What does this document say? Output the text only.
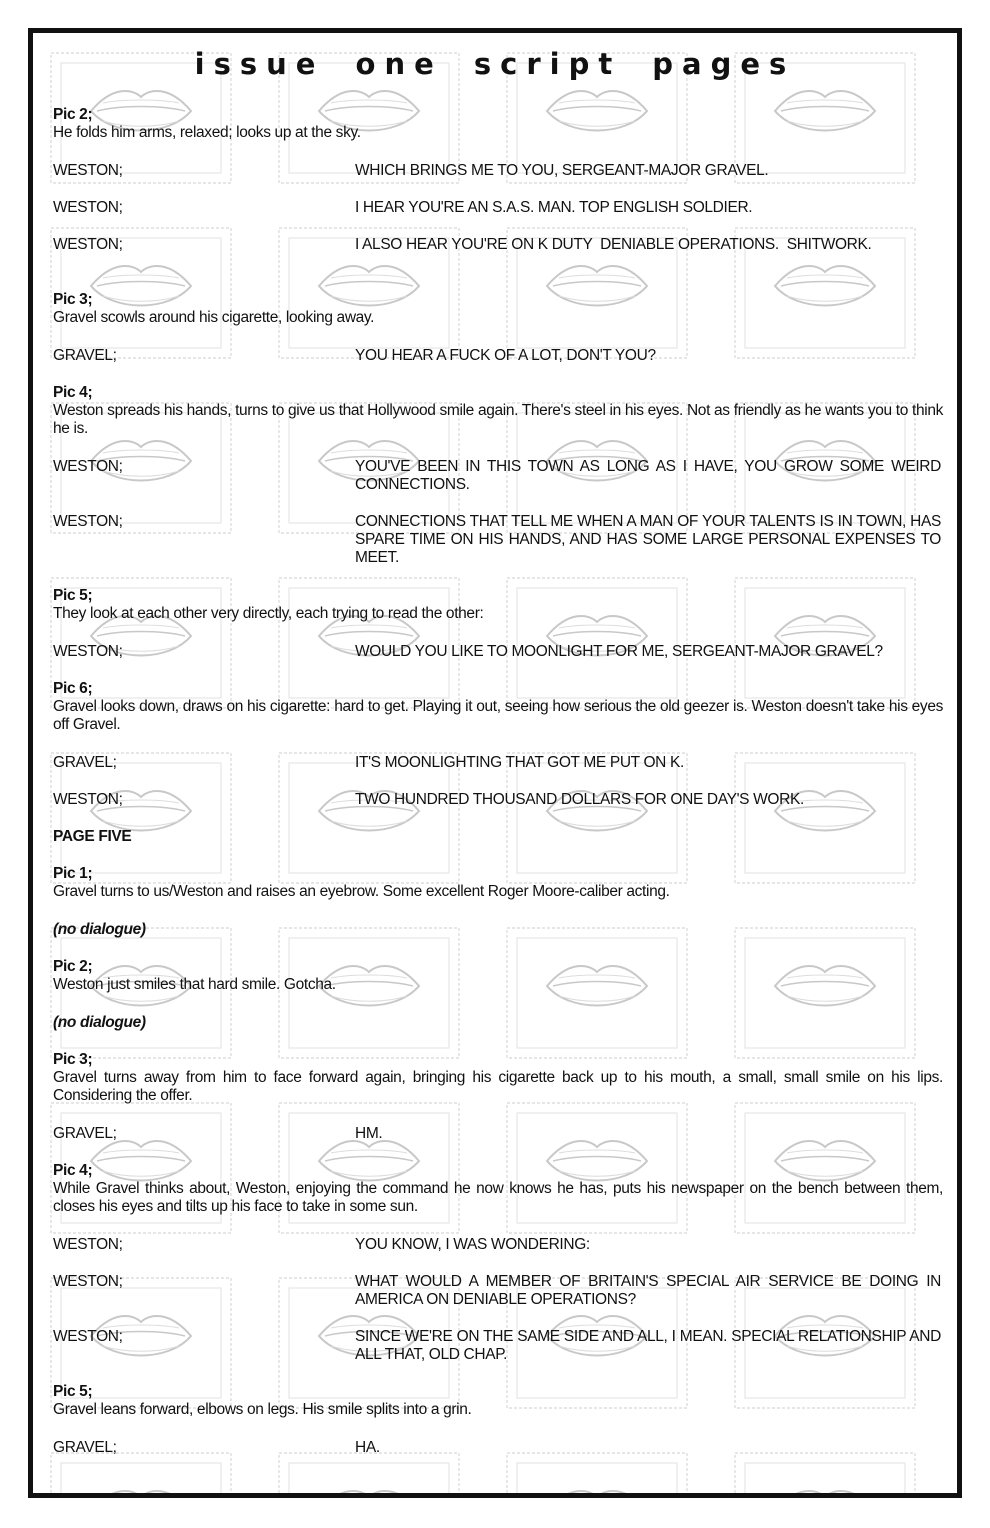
issue one script pages
Pic 2;
He folds him arms, relaxed; looks up at the sky.
WESTON;	WHICH BRINGS ME TO YOU, SERGEANT-MAJOR GRAVEL.
WESTON;	I HEAR YOU'RE AN S.A.S. MAN. TOP ENGLISH SOLDIER.
WESTON;	I ALSO HEAR YOU'RE ON K DUTY  DENIABLE OPERATIONS.  SHITWORK.
Pic 3;
Gravel scowls around his cigarette, looking away.
GRAVEL;	YOU HEAR A FUCK OF A LOT, DON'T YOU?
Pic 4;
Weston spreads his hands, turns to give us that Hollywood smile again. There's steel in his eyes. Not as friendly as he wants you to think he is.
WESTON;	YOU'VE BEEN IN THIS TOWN AS LONG AS I HAVE, YOU GROW SOME WEIRD CONNECTIONS.
WESTON;	CONNECTIONS THAT TELL ME WHEN A MAN OF YOUR TALENTS IS IN TOWN, HAS SPARE TIME ON HIS HANDS, AND HAS SOME LARGE PERSONAL EXPENSES TO MEET.
Pic 5;
They look at each other very directly, each trying to read the other:
WESTON;	WOULD YOU LIKE TO MOONLIGHT FOR ME, SERGEANT-MAJOR GRAVEL?
Pic 6;
Gravel looks down, draws on his cigarette: hard to get. Playing it out, seeing how serious the old geezer is. Weston doesn't take his eyes off Gravel.
GRAVEL;	IT'S MOONLIGHTING THAT GOT ME PUT ON K.
WESTON;	TWO HUNDRED THOUSAND DOLLARS FOR ONE DAY'S WORK.
PAGE FIVE
Pic 1;
Gravel turns to us/Weston and raises an eyebrow. Some excellent Roger Moore-caliber acting.
(no dialogue)
Pic 2;
Weston just smiles that hard smile. Gotcha.
(no dialogue)
Pic 3;
Gravel turns away from him to face forward again, bringing his cigarette back up to his mouth, a small, small smile on his lips. Considering the offer.
GRAVEL;	HM.
Pic 4;
While Gravel thinks about, Weston, enjoying the command he now knows he has, puts his newspaper on the bench between them, closes his eyes and tilts up his face to take in some sun.
WESTON;	YOU KNOW, I WAS WONDERING:
WESTON;	WHAT WOULD A MEMBER OF BRITAIN'S SPECIAL AIR SERVICE BE DOING IN AMERICA ON DENIABLE OPERATIONS?
WESTON;	SINCE WE'RE ON THE SAME SIDE AND ALL, I MEAN. SPECIAL RELATIONSHIP AND ALL THAT, OLD CHAP.
Pic 5;
Gravel leans forward, elbows on legs. His smile splits into a grin.
GRAVEL;	HA.
